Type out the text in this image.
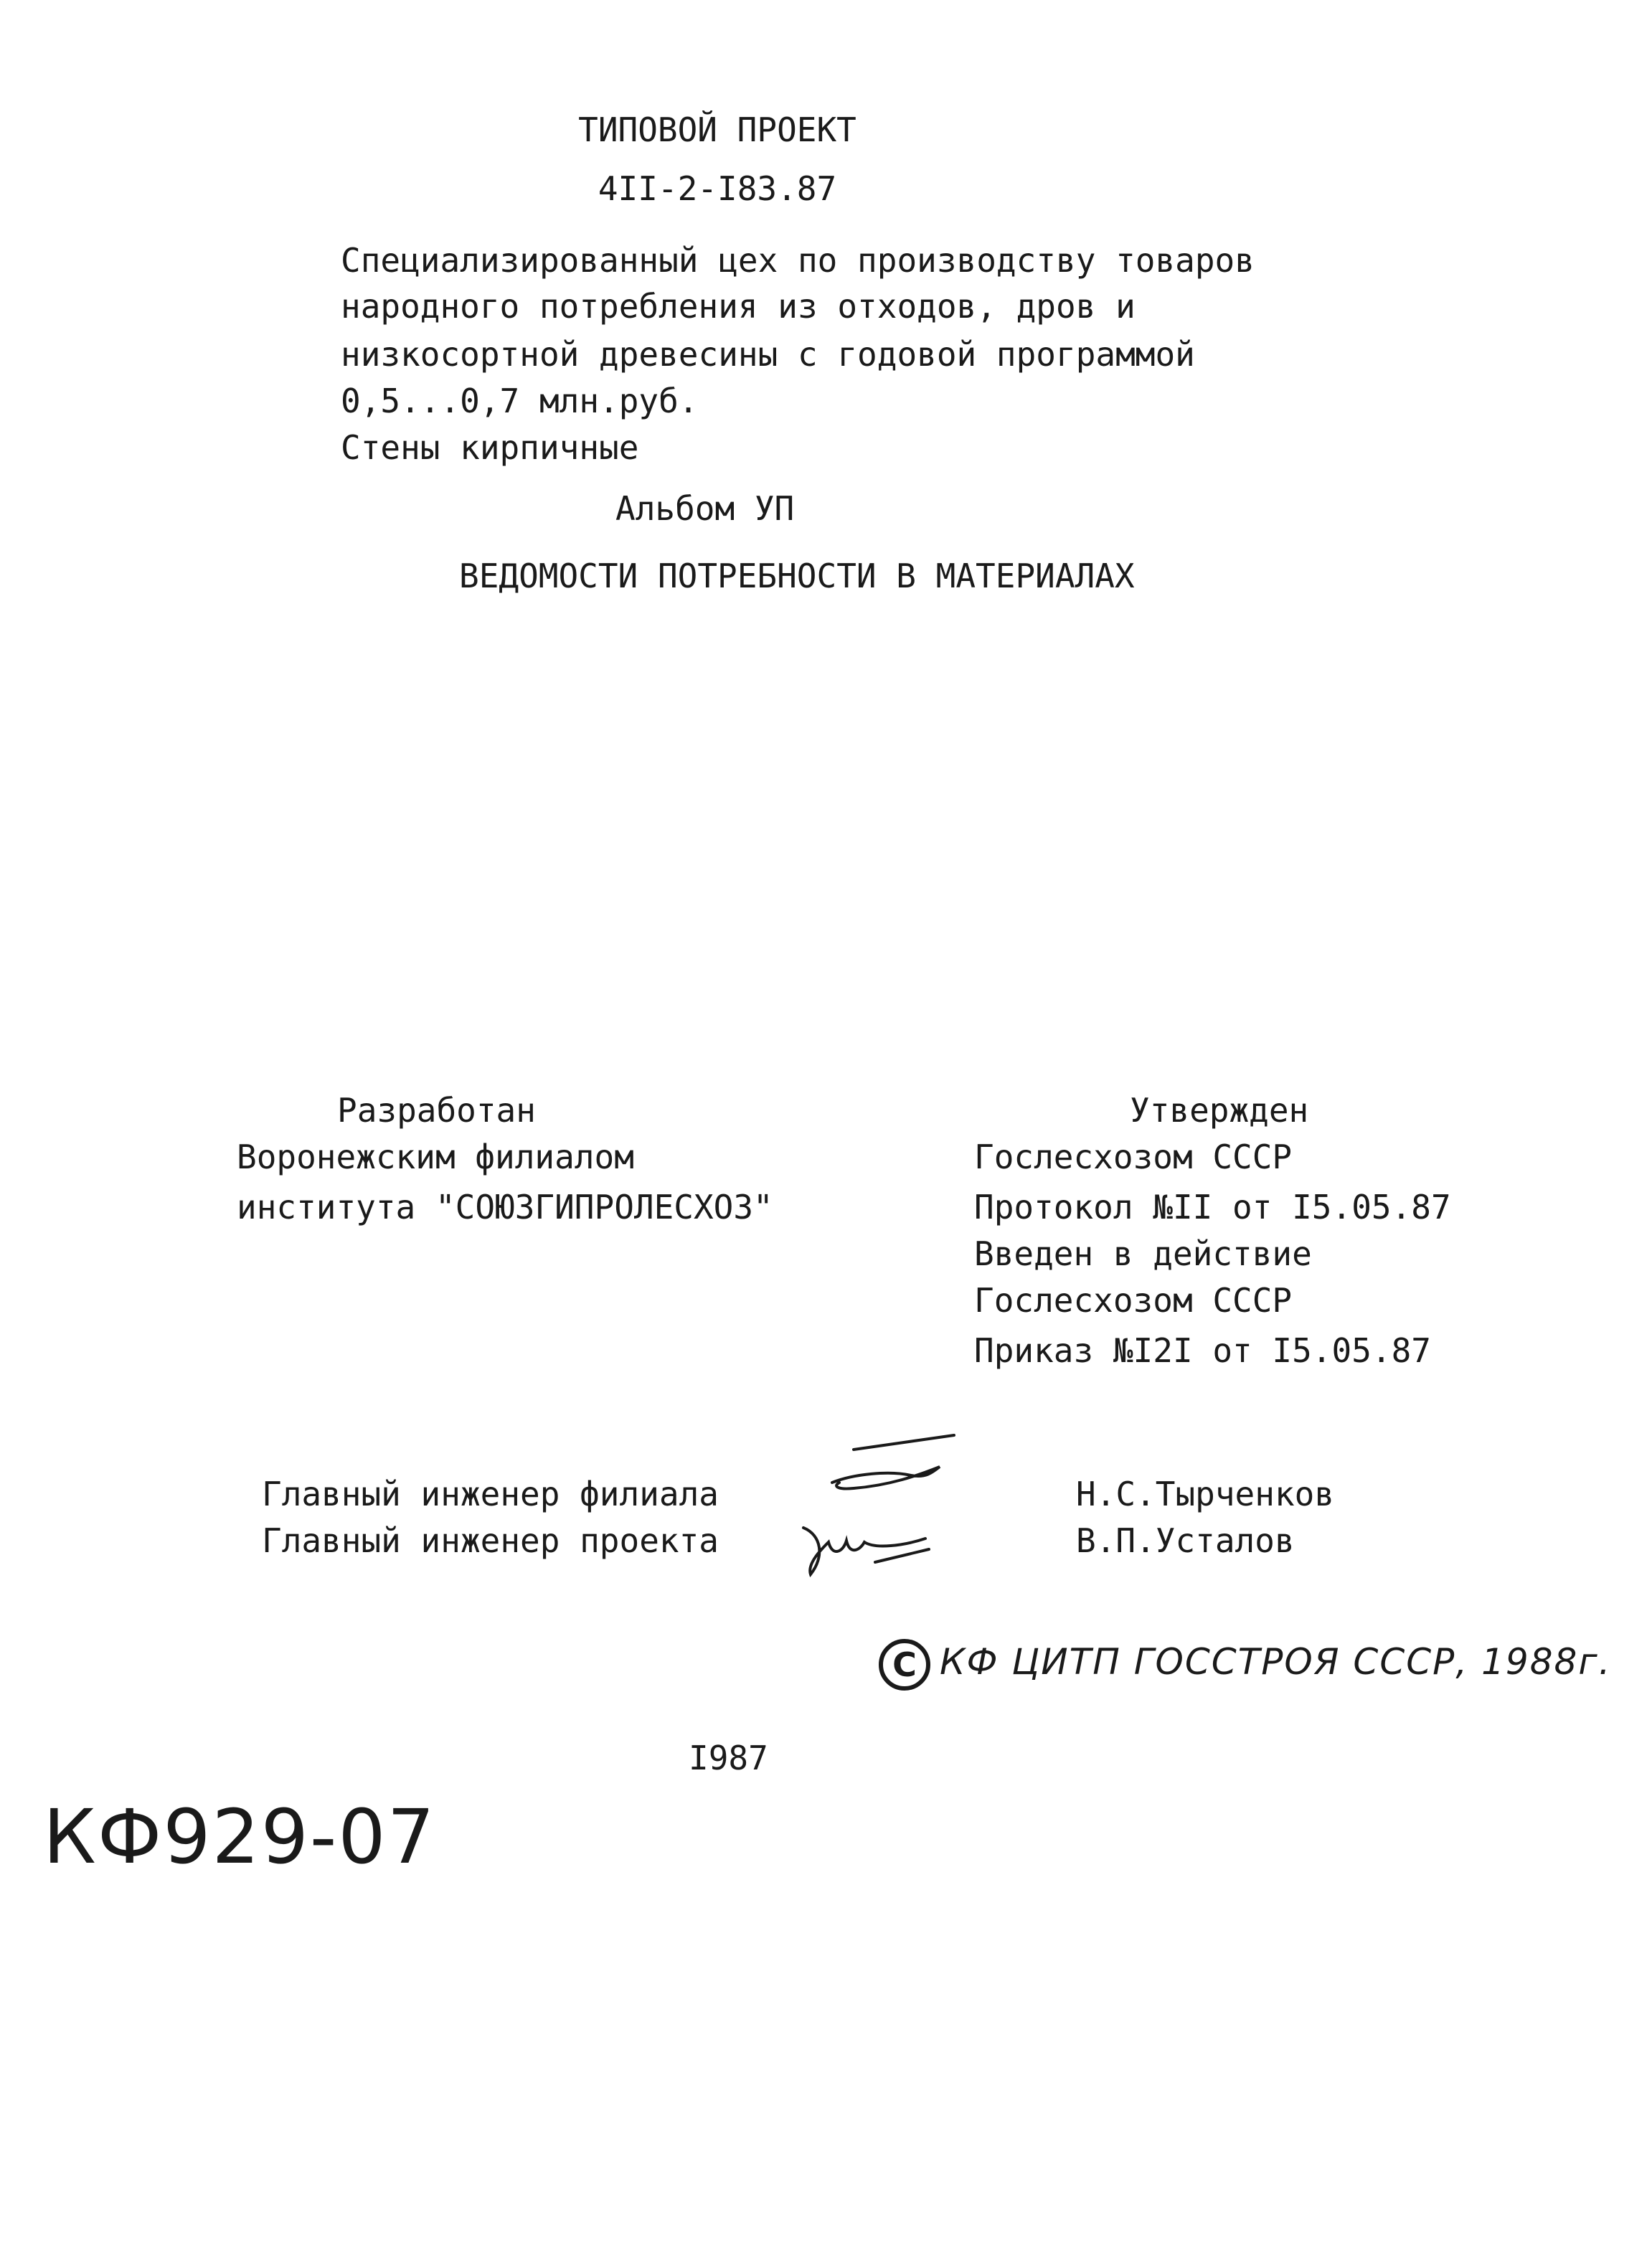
ТИПОВОЙ ПРОЕКТ
4II-2-I83.87
Специализированный цех по производству товаров
народного потребления из отходов, дров и
низкосортной древесины с годовой программой
0,5...0,7 млн.руб.
Стены кирпичные
Альбом УП
ВЕДОМОСТИ ПОТРЕБНОСТИ В МАТЕРИАЛАХ
Разработан
Воронежским филиалом
института "СОЮЗГИПРОЛЕСХОЗ"
Утвержден
Гослесхозом СССР
Протокол №II от I5.05.87
Введен в действие
Гослесхозом СССР
Приказ №I2I от I5.05.87
Главный инженер филиала
Главный инженер проекта
Н.С.Тырченков
В.П.Усталов
C КФ ЦИТП ГОССТРОЯ СССР, 1988г.
I987
КФ929-07
